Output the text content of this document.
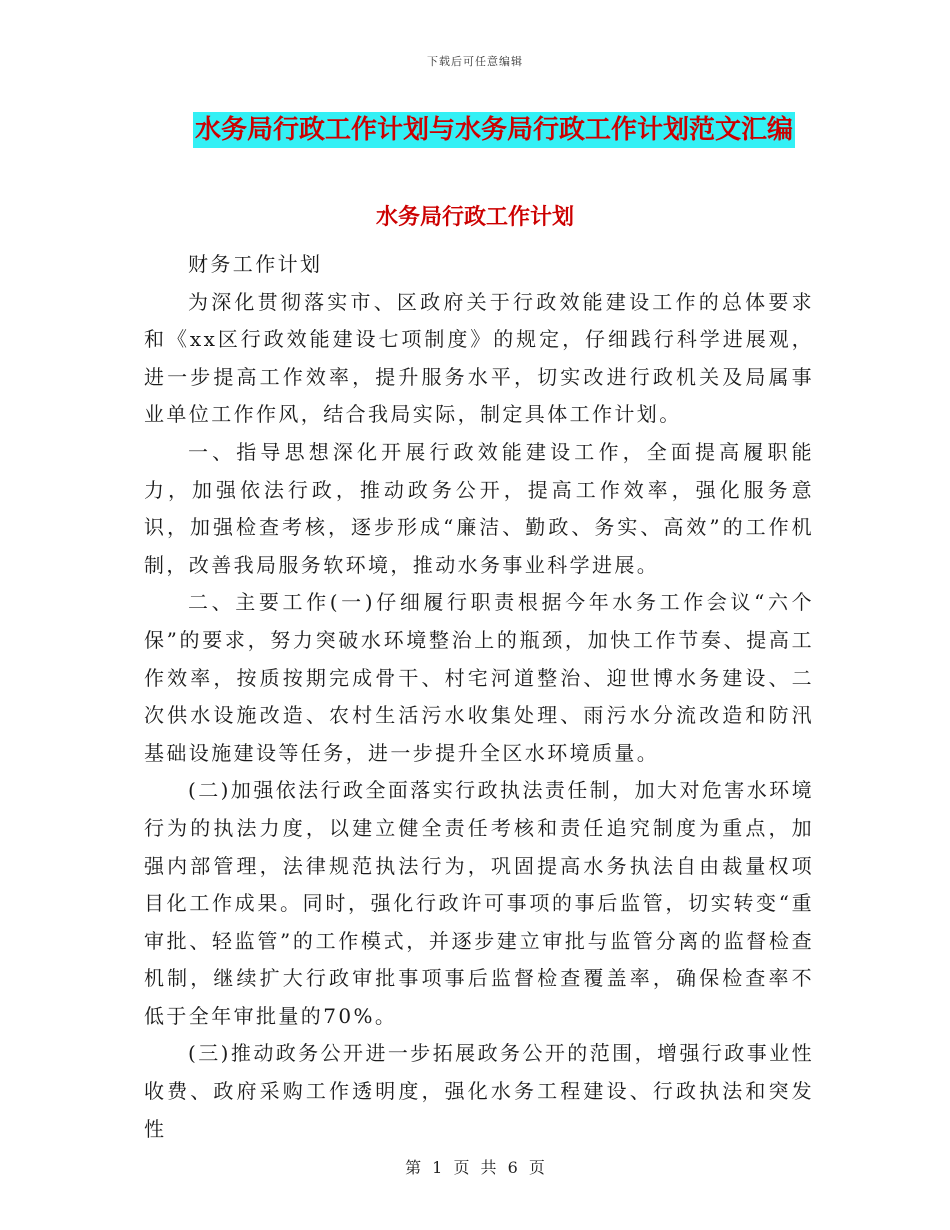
下载后可任意编辑
水务局行政工作计划与水务局行政工作计划范文汇编
水务局行政工作计划

财务工作计划

为深化贯彻落实市、区政府关于行政效能建设工作的总体要求和《xx区行政效能建设七项制度》的规定，仔细践行科学进展观，进一步提高工作效率，提升服务水平，切实改进行政机关及局属事业单位工作作风，结合我局实际，制定具体工作计划。

一、指导思想深化开展行政效能建设工作，全面提高履职能力，加强依法行政，推动政务公开，提高工作效率，强化服务意识，加强检查考核，逐步形成“廉洁、勤政、务实、高效”的工作机制，改善我局服务软环境，推动水务事业科学进展。

二、主要工作(一)仔细履行职责根据今年水务工作会议“六个保”的要求，努力突破水环境整治上的瓶颈，加快工作节奏、提高工作效率，按质按期完成骨干、村宅河道整治、迎世博水务建设、二次供水设施改造、农村生活污水收集处理、雨污水分流改造和防汛基础设施建设等任务，进一步提升全区水环境质量。

(二)加强依法行政全面落实行政执法责任制，加大对危害水环境行为的执法力度，以建立健全责任考核和责任追究制度为重点，加强内部管理，法律规范执法行为，巩固提高水务执法自由裁量权项目化工作成果。同时，强化行政许可事项的事后监管，切实转变“重审批、轻监管”的工作模式，并逐步建立审批与监管分离的监督检查机制，继续扩大行政审批事项事后监督检查覆盖率，确保检查率不低于全年审批量的70%。

(三)推动政务公开进一步拓展政务公开的范围，增强行政事业性收费、政府采购工作透明度，强化水务工程建设、行政执法和突发性

第 1 页 共 6 页
